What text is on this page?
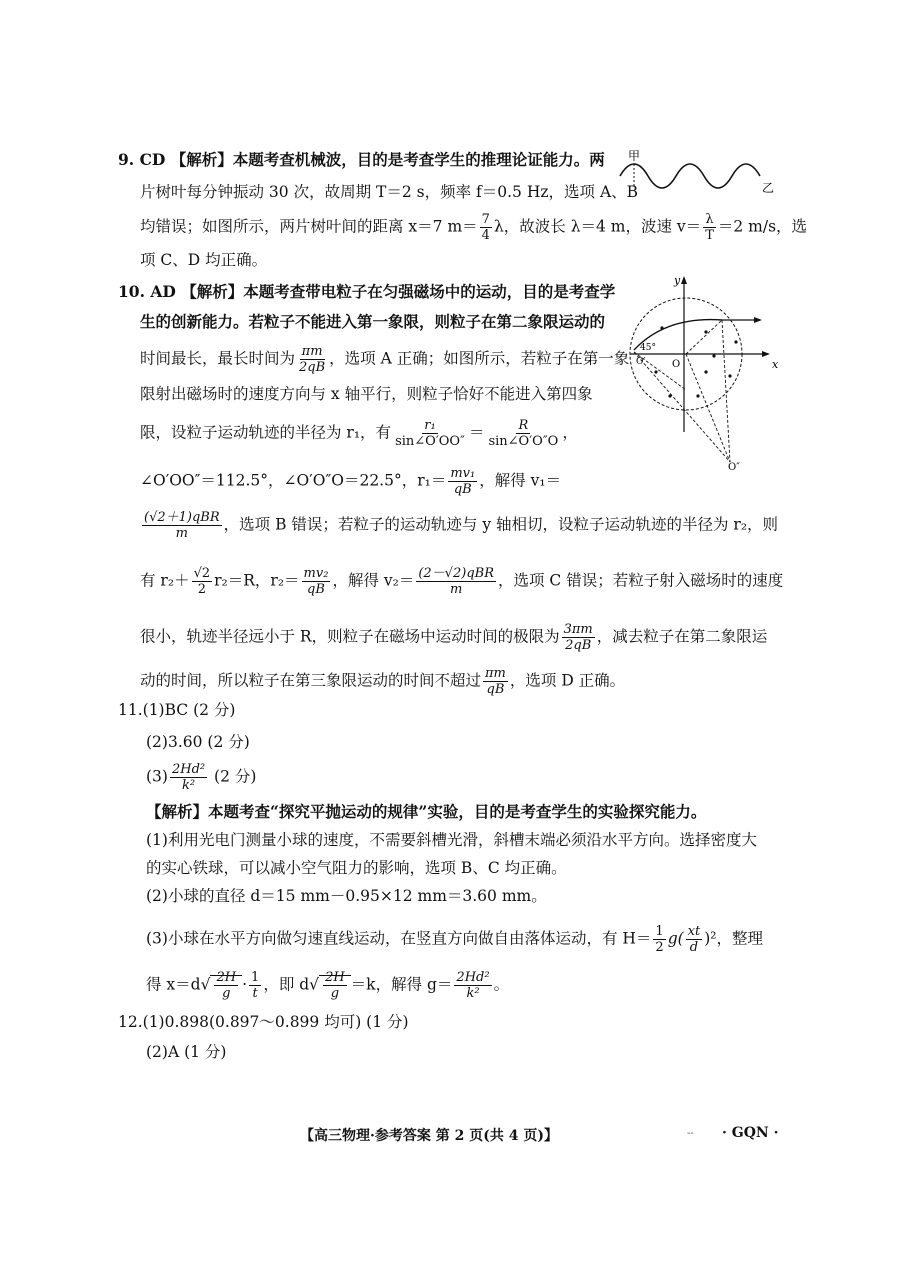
9. CD 【解析】本题考查机械波，目的是考查学生的推理论证能力。两
片树叶每分钟振动 30 次，故周期 T＝2 s，频率 f＝0.5 Hz，选项 A、B
均错误；如图所示，两片树叶间的距离 x＝7 $m= \frac{7}{4}$ λ，故波长 λ＝4 m，波速 $v= \frac{\lambda}{T} =2$ m/s，选
项 C、D 均正确。
甲
乙
10. AD 【解析】本题考查带电粒子在匀强磁场中的运动，目的是考查学
生的创新能力。若粒子不能进入第一象限，则粒子在第二象限运动的
时间最长，最长时间为 $\frac{\pi m}{2qB}$ ，选项 A 正确；如图所示，若粒子在第一象
限射出磁场时的速度方向与 x 轴平行，则粒子恰好不能进入第四象
限，设粒子运动轨迹的半径为 r₁，有 $\frac{\text{r₁}}{\sin\angle O'OO''} = \frac{R}{\sin\angle O'O''O}$ ，
∠O′OO″＝112.5°，∠O′O″O＝22.5°，$r_1= \frac{\text{mv₁}}{qB}$ ，解得 v₁＝
$\frac{\text{(√2＋1)qBR}}{m}$ ，选项 B 错误；若粒子的运动轨迹与 y 轴相切，设粒子运动轨迹的半径为 r₂，则
有 $r_2+ \frac{√2}{2} r_2=R$，$r_2= \frac{\text{mv₂}}{qB}$ ，解得 $v_2= \frac{\text{(2－√2)qBR}}{m}$ ，选项 C 错误；若粒子射入磁场时的速度
很小，轨迹半径远小于 R，则粒子在磁场中运动时间的极限为 $\frac{3\pi m}{2qB}$ ，减去粒子在第二象限运
动的时间，所以粒子在第三象限运动的时间不超过 $\frac{\pi m}{qB}$ ，选项 D 正确。
y
x
O
O′
O″
45°
11.(1)BC (2 分)
(2)3.60 (2 分)
$(3) \frac{\text{2Hd²}}{\text{k²}} (2$ 分)
【解析】本题考查“探究平抛运动的规律”实验，目的是考查学生的实验探究能力。
(1)利用光电门测量小球的速度，不需要斜槽光滑，斜槽末端必须沿水平方向。选择密度大
的实心铁球，可以减小空气阻力的影响，选项 B、C 均正确。
(2)小球的直径 d＝15 mm－0.95×12 mm＝3.60 mm。
(3)小球在水平方向做匀速直线运动，在竖直方向做自由落体运动，有 $H= \frac{1}{2} g( \frac{xt}{d} )^2$，整理
得 $x=d√ \frac{2H}{g} \cdot \frac{1}{t}$ ，即 $d√ \frac{2H}{g} =k$，解得 $g= \frac{\text{2Hd²}}{\text{k²}}$ 。
12.(1)0.898(0.897～0.899 均可) (1 分)
(2)A (1 分)
【高三物理·参考答案 第 2 页(共 4 页)】	-- · GQN ·
